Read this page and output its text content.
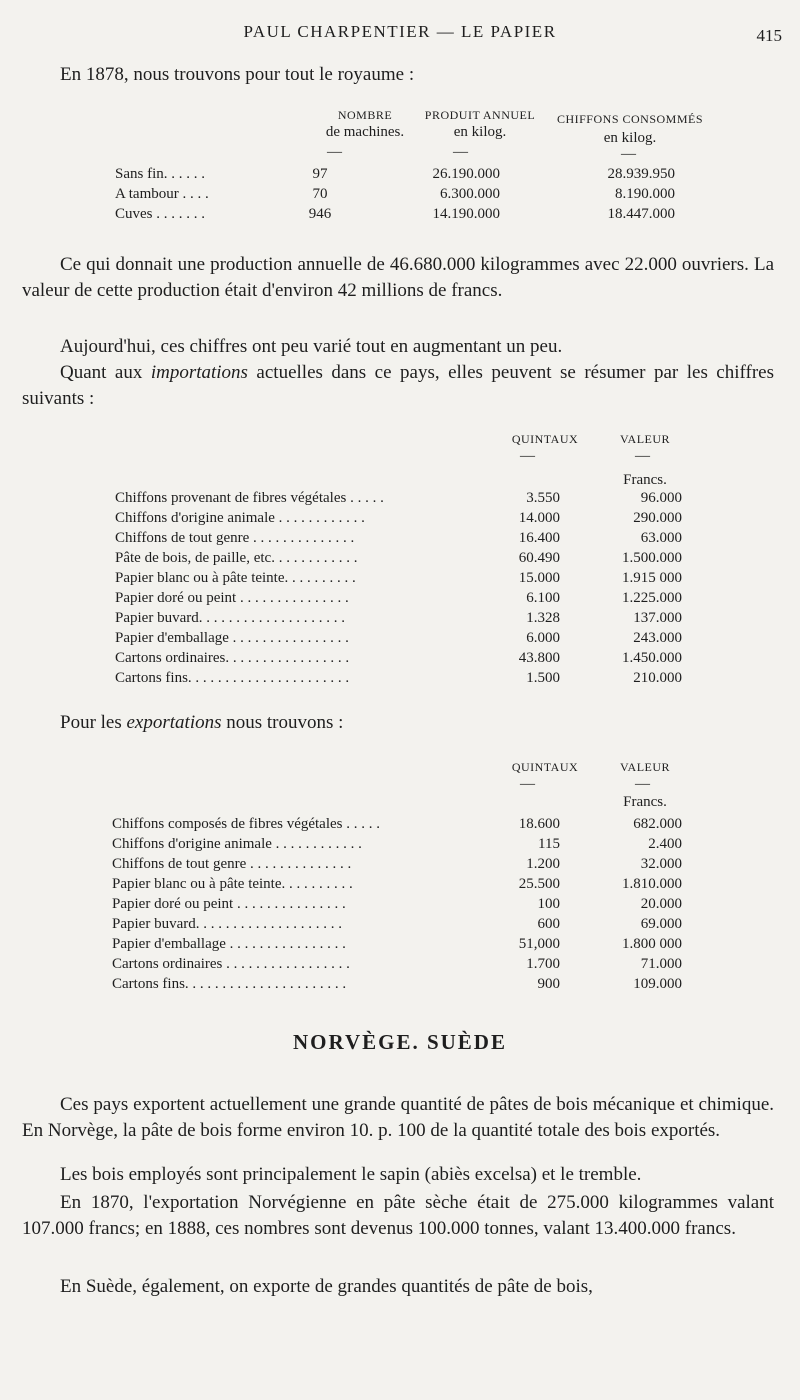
PAUL CHARPENTIER — LE PAPIER	415

En 1878, nous trouvons pour tout le royaume :

NOMBRE
de machines.
PRODUIT ANNUEL
en kilog.
CHIFFONS CONSOMMÉS
en kilog.
—	—	—
Sans fin. . . . . .	97	26.190.000	28.939.950
A tambour . . . .	70	6.300.000	8.190.000
Cuves . . . . . . .	946	14.190.000	18.447.000

Ce qui donnait une production annuelle de 46.680.000 kilogrammes avec 22.000 ouvriers. La valeur de cette production était d'environ 42 millions de francs.

Aujourd'hui, ces chiffres ont peu varié tout en augmentant un peu.

Quant aux importations actuelles dans ce pays, elles peuvent se résumer par les chiffres suivants :

QUINTAUX	VALEUR
—	—
Francs.
Chiffons provenant de fibres végétales . . . . .	3.550	96.000
Chiffons d'origine animale . . . . . . . . . . . .	14.000	290.000
Chiffons de tout genre . . . . . . . . . . . . . .	16.400	63.000
Pâte de bois, de paille, etc. . . . . . . . . . . .	60.490	1.500.000
Papier blanc ou à pâte teinte. . . . . . . . . .	15.000	1.915 000
Papier doré ou peint . . . . . . . . . . . . . . .	6.100	1.225.000
Papier buvard. . . . . . . . . . . . . . . . . . . .	1.328	137.000
Papier d'emballage . . . . . . . . . . . . . . . .	6.000	243.000
Cartons ordinaires. . . . . . . . . . . . . . . . .	43.800	1.450.000
Cartons fins. . . . . . . . . . . . . . . . . . . . . .	1.500	210.000

Pour les exportations nous trouvons :

QUINTAUX	VALEUR
—	—
Francs.
Chiffons composés de fibres végétales . . . . .	18.600	682.000
Chiffons d'origine animale . . . . . . . . . . . .	115	2.400
Chiffons de tout genre . . . . . . . . . . . . . .	1.200	32.000
Papier blanc ou à pâte teinte. . . . . . . . . .	25.500	1.810.000
Papier doré ou peint . . . . . . . . . . . . . . .	100	20.000
Papier buvard. . . . . . . . . . . . . . . . . . . .	600	69.000
Papier d'emballage . . . . . . . . . . . . . . . .	51,000	1.800 000
Cartons ordinaires . . . . . . . . . . . . . . . . .	1.700	71.000
Cartons fins. . . . . . . . . . . . . . . . . . . . . .	900	109.000
NORVÈGE. SUÈDE

Ces pays exportent actuellement une grande quantité de pâtes de bois mécanique et chimique. En Norvège, la pâte de bois forme environ 10. p. 100 de la quantité totale des bois exportés.

Les bois employés sont principalement le sapin (abiès excelsa) et le tremble.

En 1870, l'exportation Norvégienne en pâte sèche était de 275.000 kilogrammes valant 107.000 francs; en 1888, ces nombres sont devenus 100.000 tonnes, valant 13.400.000 francs.

En Suède, également, on exporte de grandes quantités de pâte de bois,
